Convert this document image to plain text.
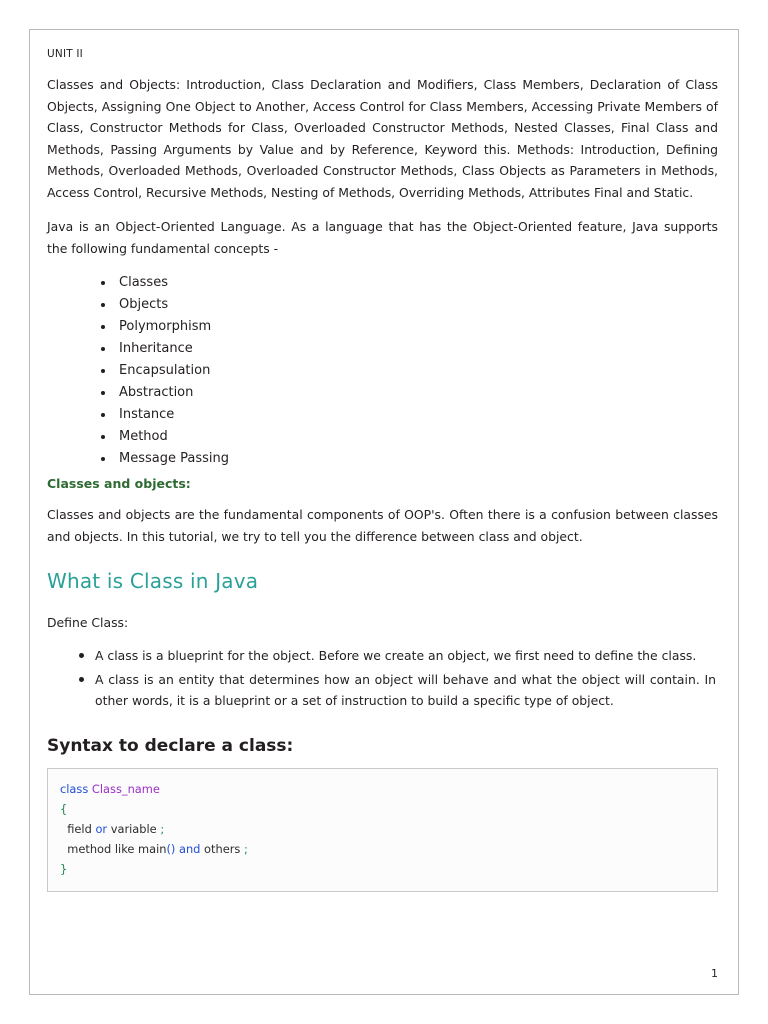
UNIT II

Classes and Objects: Introduction, Class Declaration and Modifiers, Class Members, Declaration of Class Objects, Assigning One Object to Another, Access Control for Class Members, Accessing Private Members of Class, Constructor Methods for Class, Overloaded Constructor Methods, Nested Classes, Final Class and Methods, Passing Arguments by Value and by Reference, Keyword this. Methods: Introduction, Defining Methods, Overloaded Methods, Overloaded Constructor Methods, Class Objects as Parameters in Methods, Access Control, Recursive Methods, Nesting of Methods, Overriding Methods, Attributes Final and Static.

Java is an Object-Oriented Language. As a language that has the Object-Oriented feature, Java supports the following fundamental concepts -

Classes
Objects
Polymorphism
Inheritance
Encapsulation
Abstraction
Instance
Method
Message Passing
Classes and objects:

Classes and objects are the fundamental components of OOP's. Often there is a confusion between classes and objects. In this tutorial, we try to tell you the difference between class and object.

What is Class in Java
Define Class:
A class is a blueprint for the object. Before we create an object, we first need to define the class.
A class is an entity that determines how an object will behave and what the object will contain. In other words, it is a blueprint or a set of instruction to build a specific type of object.
Syntax to declare a class:
class Class_name
{
field or variable ;
method like main() and others ;
}
1
